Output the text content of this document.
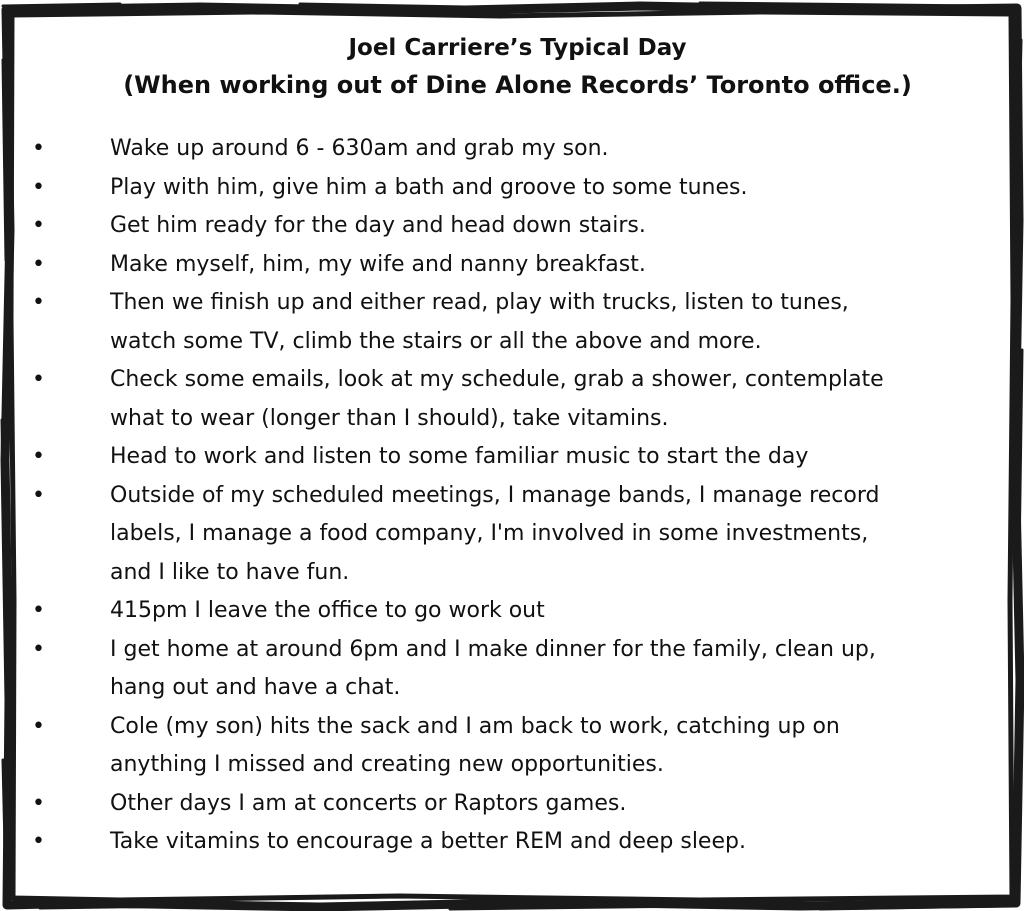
Joel Carriere’s Typical Day
(When working out of Dine Alone Records’ Toronto office.)
•	Wake up around 6 - 630am and grab my son.
•	Play with him, give him a bath and groove to some tunes.
•	Get him ready for the day and head down stairs.
•	Make myself, him, my wife and nanny breakfast.
•	Then we finish up and either read, play with trucks, listen to tunes,
watch some TV, climb the stairs or all the above and more.
•	Check some emails, look at my schedule, grab a shower, contemplate
what to wear (longer than I should), take vitamins.
•	Head to work and listen to some familiar music to start the day
•	Outside of my scheduled meetings, I manage bands, I manage record
labels, I manage a food company, I'm involved in some investments,
and I like to have fun.
•	415pm I leave the office to go work out
•	I get home at around 6pm and I make dinner for the family, clean up,
hang out and have a chat.
•	Cole (my son) hits the sack and I am back to work, catching up on
anything I missed and creating new opportunities.
•	Other days I am at concerts or Raptors games.
•	Take vitamins to encourage a better REM and deep sleep.
